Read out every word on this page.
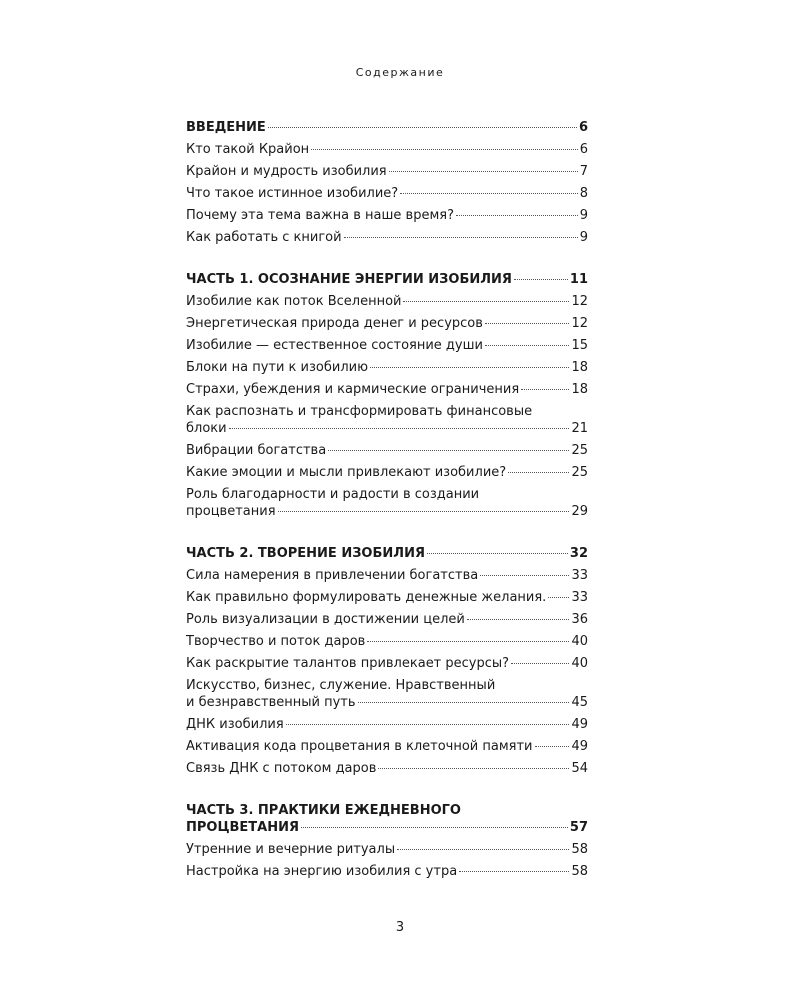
Содержание
ВВЕДЕНИЕ	6
Кто такой Крайон	6
Крайон и мудрость изобилия	7
Что такое истинное изобилие?	8
Почему эта тема важна в наше время?	9
Как работать с книгой	9
ЧАСТЬ 1. ОСОЗНАНИЕ ЭНЕРГИИ ИЗОБИЛИЯ	11
Изобилие как поток Вселенной	12
Энергетическая природа денег и ресурсов	12
Изобилие — естественное состояние души	15
Блоки на пути к изобилию	18
Страхи, убеждения и кармические ограничения	18
Как распознать и трансформировать финансовые
блоки	21
Вибрации богатства	25
Какие эмоции и мысли привлекают изобилие?	25
Роль благодарности и радости в создании
процветания	29
ЧАСТЬ 2. ТВОРЕНИЕ ИЗОБИЛИЯ	32
Сила намерения в привлечении богатства	33
Как правильно формулировать денежные желания. 33
Роль визуализации в достижении целей	36
Творчество и поток даров	40
Как раскрытие талантов привлекает ресурсы?	40
Искусство, бизнес, служение. Нравственный
и безнравственный путь	45
ДНК изобилия	49
Активация кода процветания в клеточной памяти	49
Связь ДНК с потоком даров	54
ЧАСТЬ 3. ПРАКТИКИ ЕЖЕДНЕВНОГО
ПРОЦВЕТАНИЯ	57
Утренние и вечерние ритуалы	58
Настройка на энергию изобилия с утра	58
3
